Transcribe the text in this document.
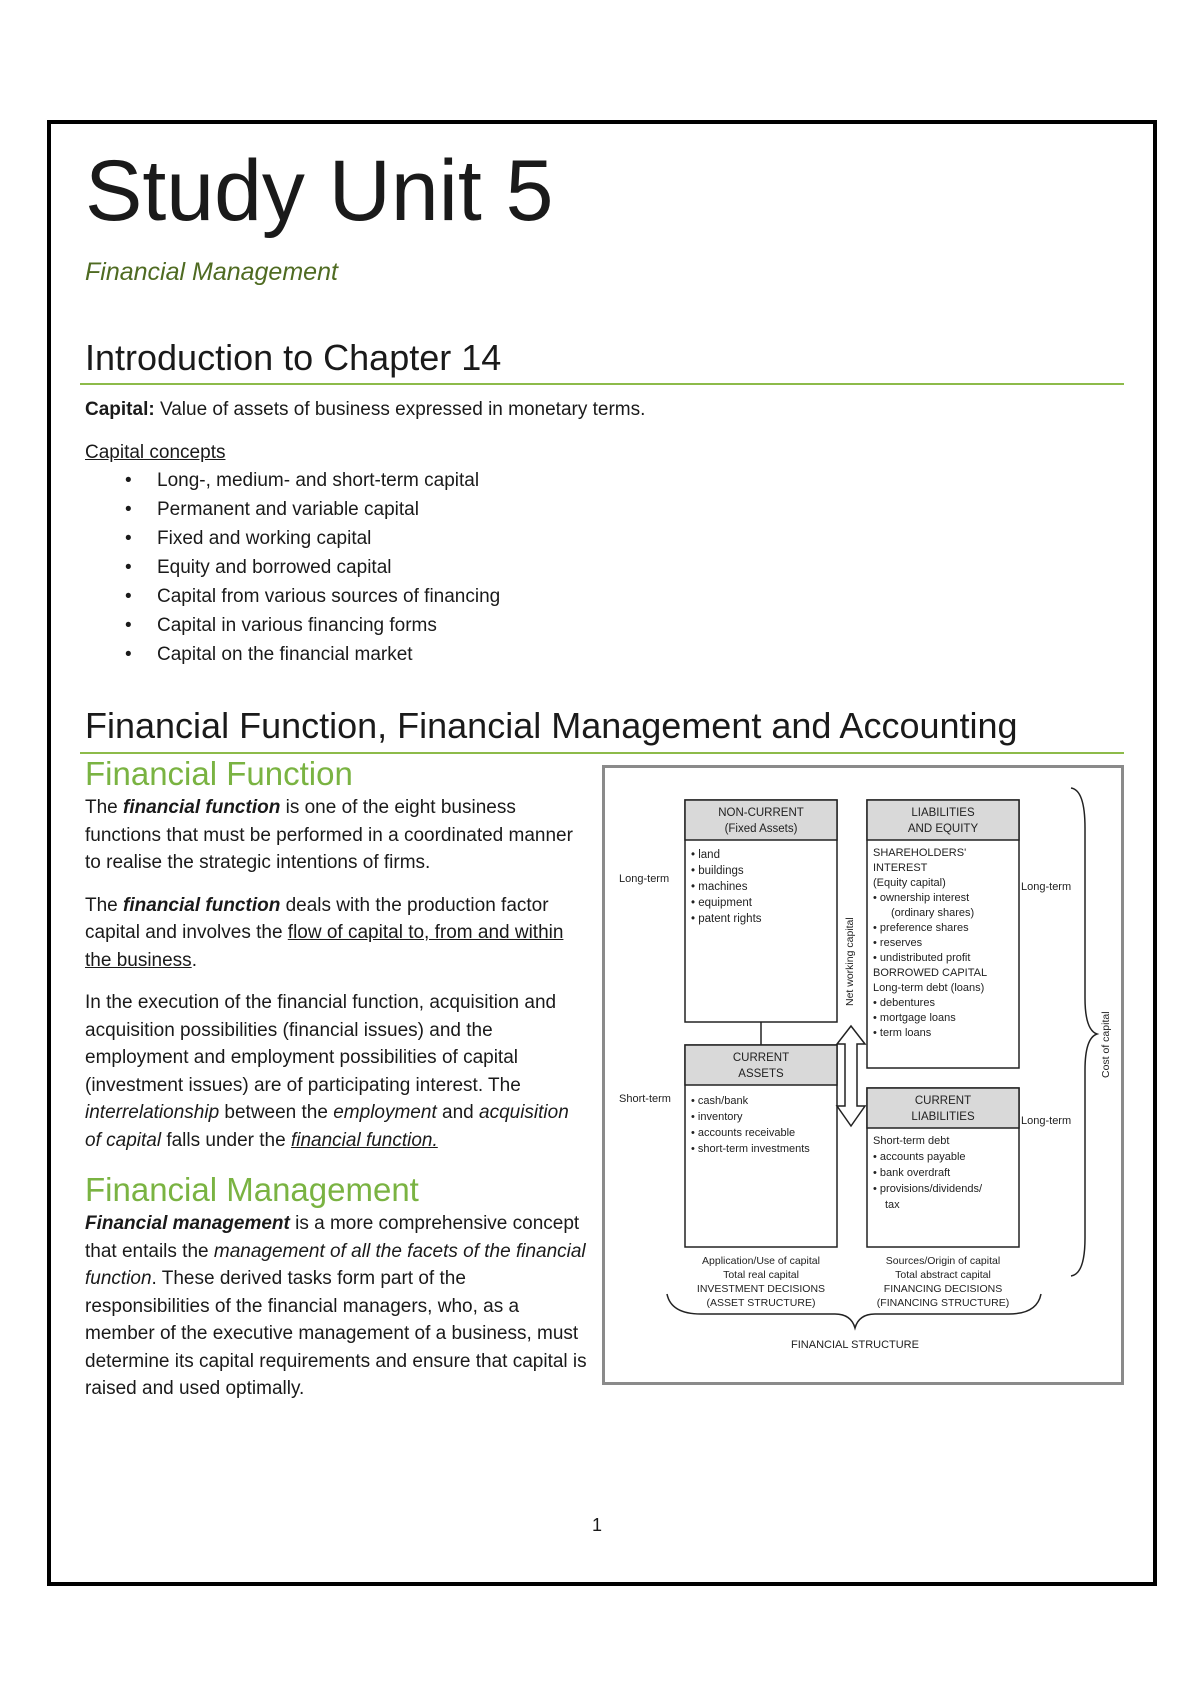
Study Unit 5
Financial Management
Introduction to Chapter 14
Capital: Value of assets of business expressed in monetary terms.
Capital concepts
• Long-, medium- and short-term capital
• Permanent and variable capital
• Fixed and working capital
• Equity and borrowed capital
• Capital from various sources of financing
• Capital in various financing forms
• Capital on the financial market
Financial Function, Financial Management and Accounting
Financial Function

The financial function is one of the eight business functions that must be performed in a coordinated manner to realise the strategic intentions of firms.

The financial function deals with the production factor capital and involves the flow of capital to, from and within the business.

In the execution of the financial function, acquisition and acquisition possibilities (financial issues) and the employment and employment possibilities of capital (investment issues) are of participating interest. The interrelationship between the employment and acquisition of capital falls under the financial function.

Financial Management

Financial management is a more comprehensive concept that entails the management of all the facets of the financial function. These derived tasks form part of the responsibilities of the financial managers, who, as a member of the executive management of a business, must determine its capital requirements and ensure that capital is raised and used optimally.

NON-CURRENT
(Fixed Assets)
• land
• buildings
• machines
• equipment
• patent rights
LIABILITIES
AND EQUITY
SHAREHOLDERS'
INTEREST
(Equity capital)
• ownership interest
(ordinary shares)
• preference shares
• reserves
• undistributed profit
BORROWED CAPITAL
Long-term debt (loans)
• debentures
• mortgage loans
• term loans
CURRENT
ASSETS
• cash/bank
• inventory
• accounts receivable
• short-term investments
CURRENT
LIABILITIES
Short-term debt
• accounts payable
• bank overdraft
• provisions/dividends/
tax
Long-term
Short-term
Long-term
Long-term
Net working capital
Cost of capital
Application/Use of capital
Total real capital
INVESTMENT DECISIONS
(ASSET STRUCTURE)
Sources/Origin of capital
Total abstract capital
FINANCING DECISIONS
(FINANCING STRUCTURE)
FINANCIAL STRUCTURE
1
